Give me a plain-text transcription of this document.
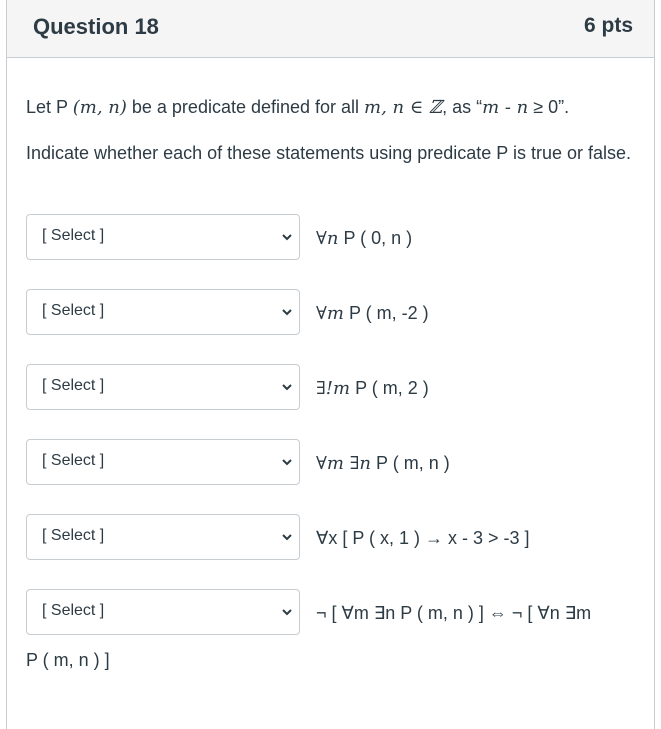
Question 18	6 pts
Let P (m, n) be a predicate defined for all m, n ∈ ℤ, as “m - n ≥ 0”.
Indicate whether each of these statements using predicate P is true or false.
[ Select ]	∀n P ( 0, n )
[ Select ]	∀m P ( m, -2 )
[ Select ]	∃!m P ( m, 2 )
[ Select ]	∀m ∃n P ( m, n )
[ Select ]	∀x [ P ( x, 1 ) → x - 3 > -3 ]
[ Select ]	¬ [ ∀m ∃n P ( m, n ) ] ⇔ ¬ [ ∀n ∃m
P ( m, n ) ]
